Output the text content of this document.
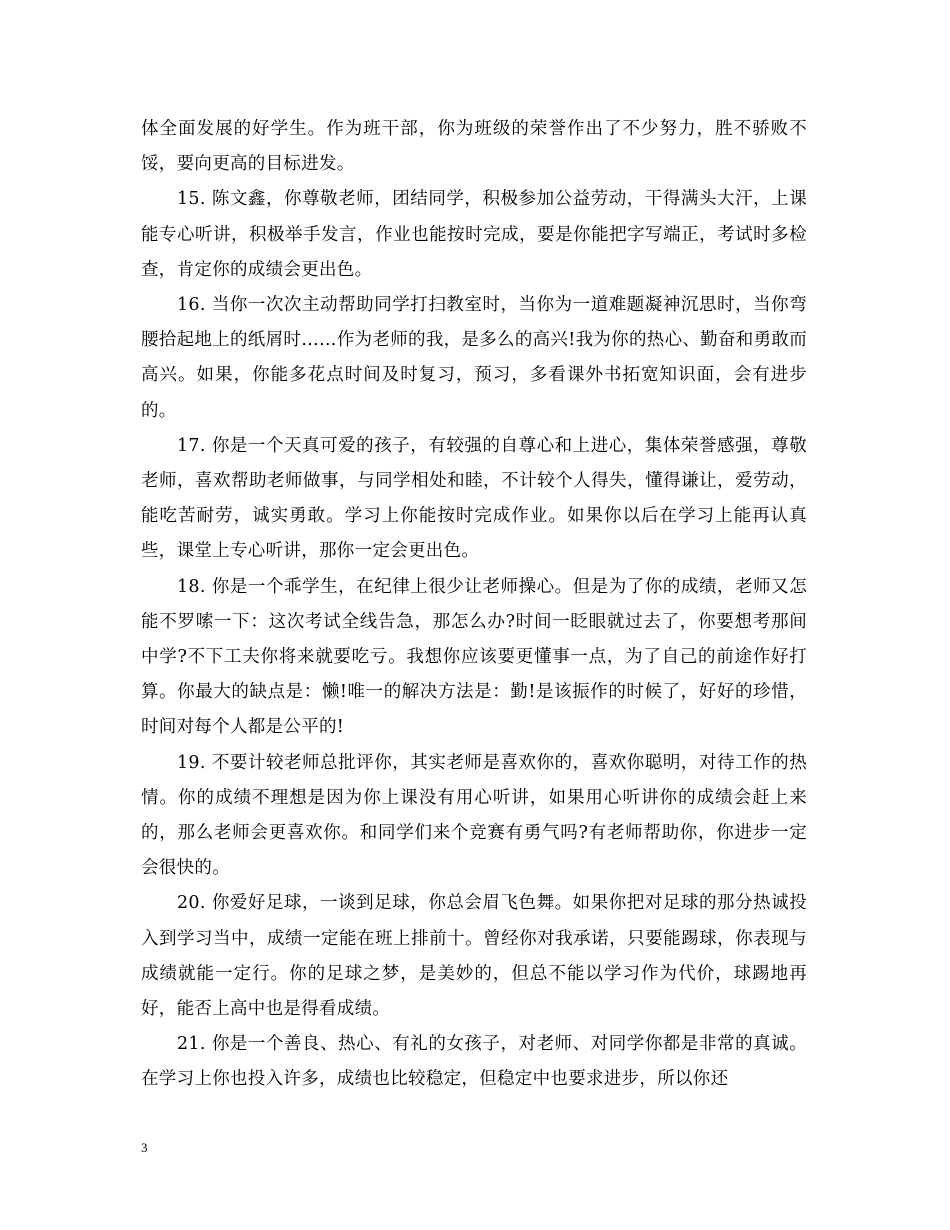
体全面发展的好学生。作为班干部，你为班级的荣誉作出了不少努力，胜不骄败不馁，要向更高的目标进发。

15. 陈文鑫，你尊敬老师，团结同学，积极参加公益劳动，干得满头大汗，上课能专心听讲，积极举手发言，作业也能按时完成，要是你能把字写端正，考试时多检查，肯定你的成绩会更出色。

16. 当你一次次主动帮助同学打扫教室时，当你为一道难题凝神沉思时，当你弯腰拾起地上的纸屑时……作为老师的我，是多么的高兴!我为你的热心、勤奋和勇敢而高兴。如果，你能多花点时间及时复习，预习，多看课外书拓宽知识面，会有进步的。

17. 你是一个天真可爱的孩子，有较强的自尊心和上进心，集体荣誉感强，尊敬老师，喜欢帮助老师做事，与同学相处和睦，不计较个人得失，懂得谦让，爱劳动，能吃苦耐劳，诚实勇敢。学习上你能按时完成作业。如果你以后在学习上能再认真些，课堂上专心听讲，那你一定会更出色。

18. 你是一个乖学生，在纪律上很少让老师操心。但是为了你的成绩，老师又怎能不罗嗦一下：这次考试全线告急，那怎么办?时间一眨眼就过去了，你要想考那间中学?不下工夫你将来就要吃亏。我想你应该要更懂事一点，为了自己的前途作好打算。你最大的缺点是：懒!唯一的解决方法是：勤!是该振作的时候了，好好的珍惜，时间对每个人都是公平的!

19. 不要计较老师总批评你，其实老师是喜欢你的，喜欢你聪明，对待工作的热情。你的成绩不理想是因为你上课没有用心听讲，如果用心听讲你的成绩会赶上来的，那么老师会更喜欢你。和同学们来个竞赛有勇气吗?有老师帮助你，你进步一定会很快的。

20. 你爱好足球，一谈到足球，你总会眉飞色舞。如果你把对足球的那分热诚投入到学习当中，成绩一定能在班上排前十。曾经你对我承诺，只要能踢球，你表现与成绩就能一定行。你的足球之梦，是美妙的，但总不能以学习作为代价，球踢地再好，能否上高中也是得看成绩。

21. 你是一个善良、热心、有礼的女孩子，对老师、对同学你都是非常的真诚。在学习上你也投入许多，成绩也比较稳定，但稳定中也要求进步，所以你还

3
